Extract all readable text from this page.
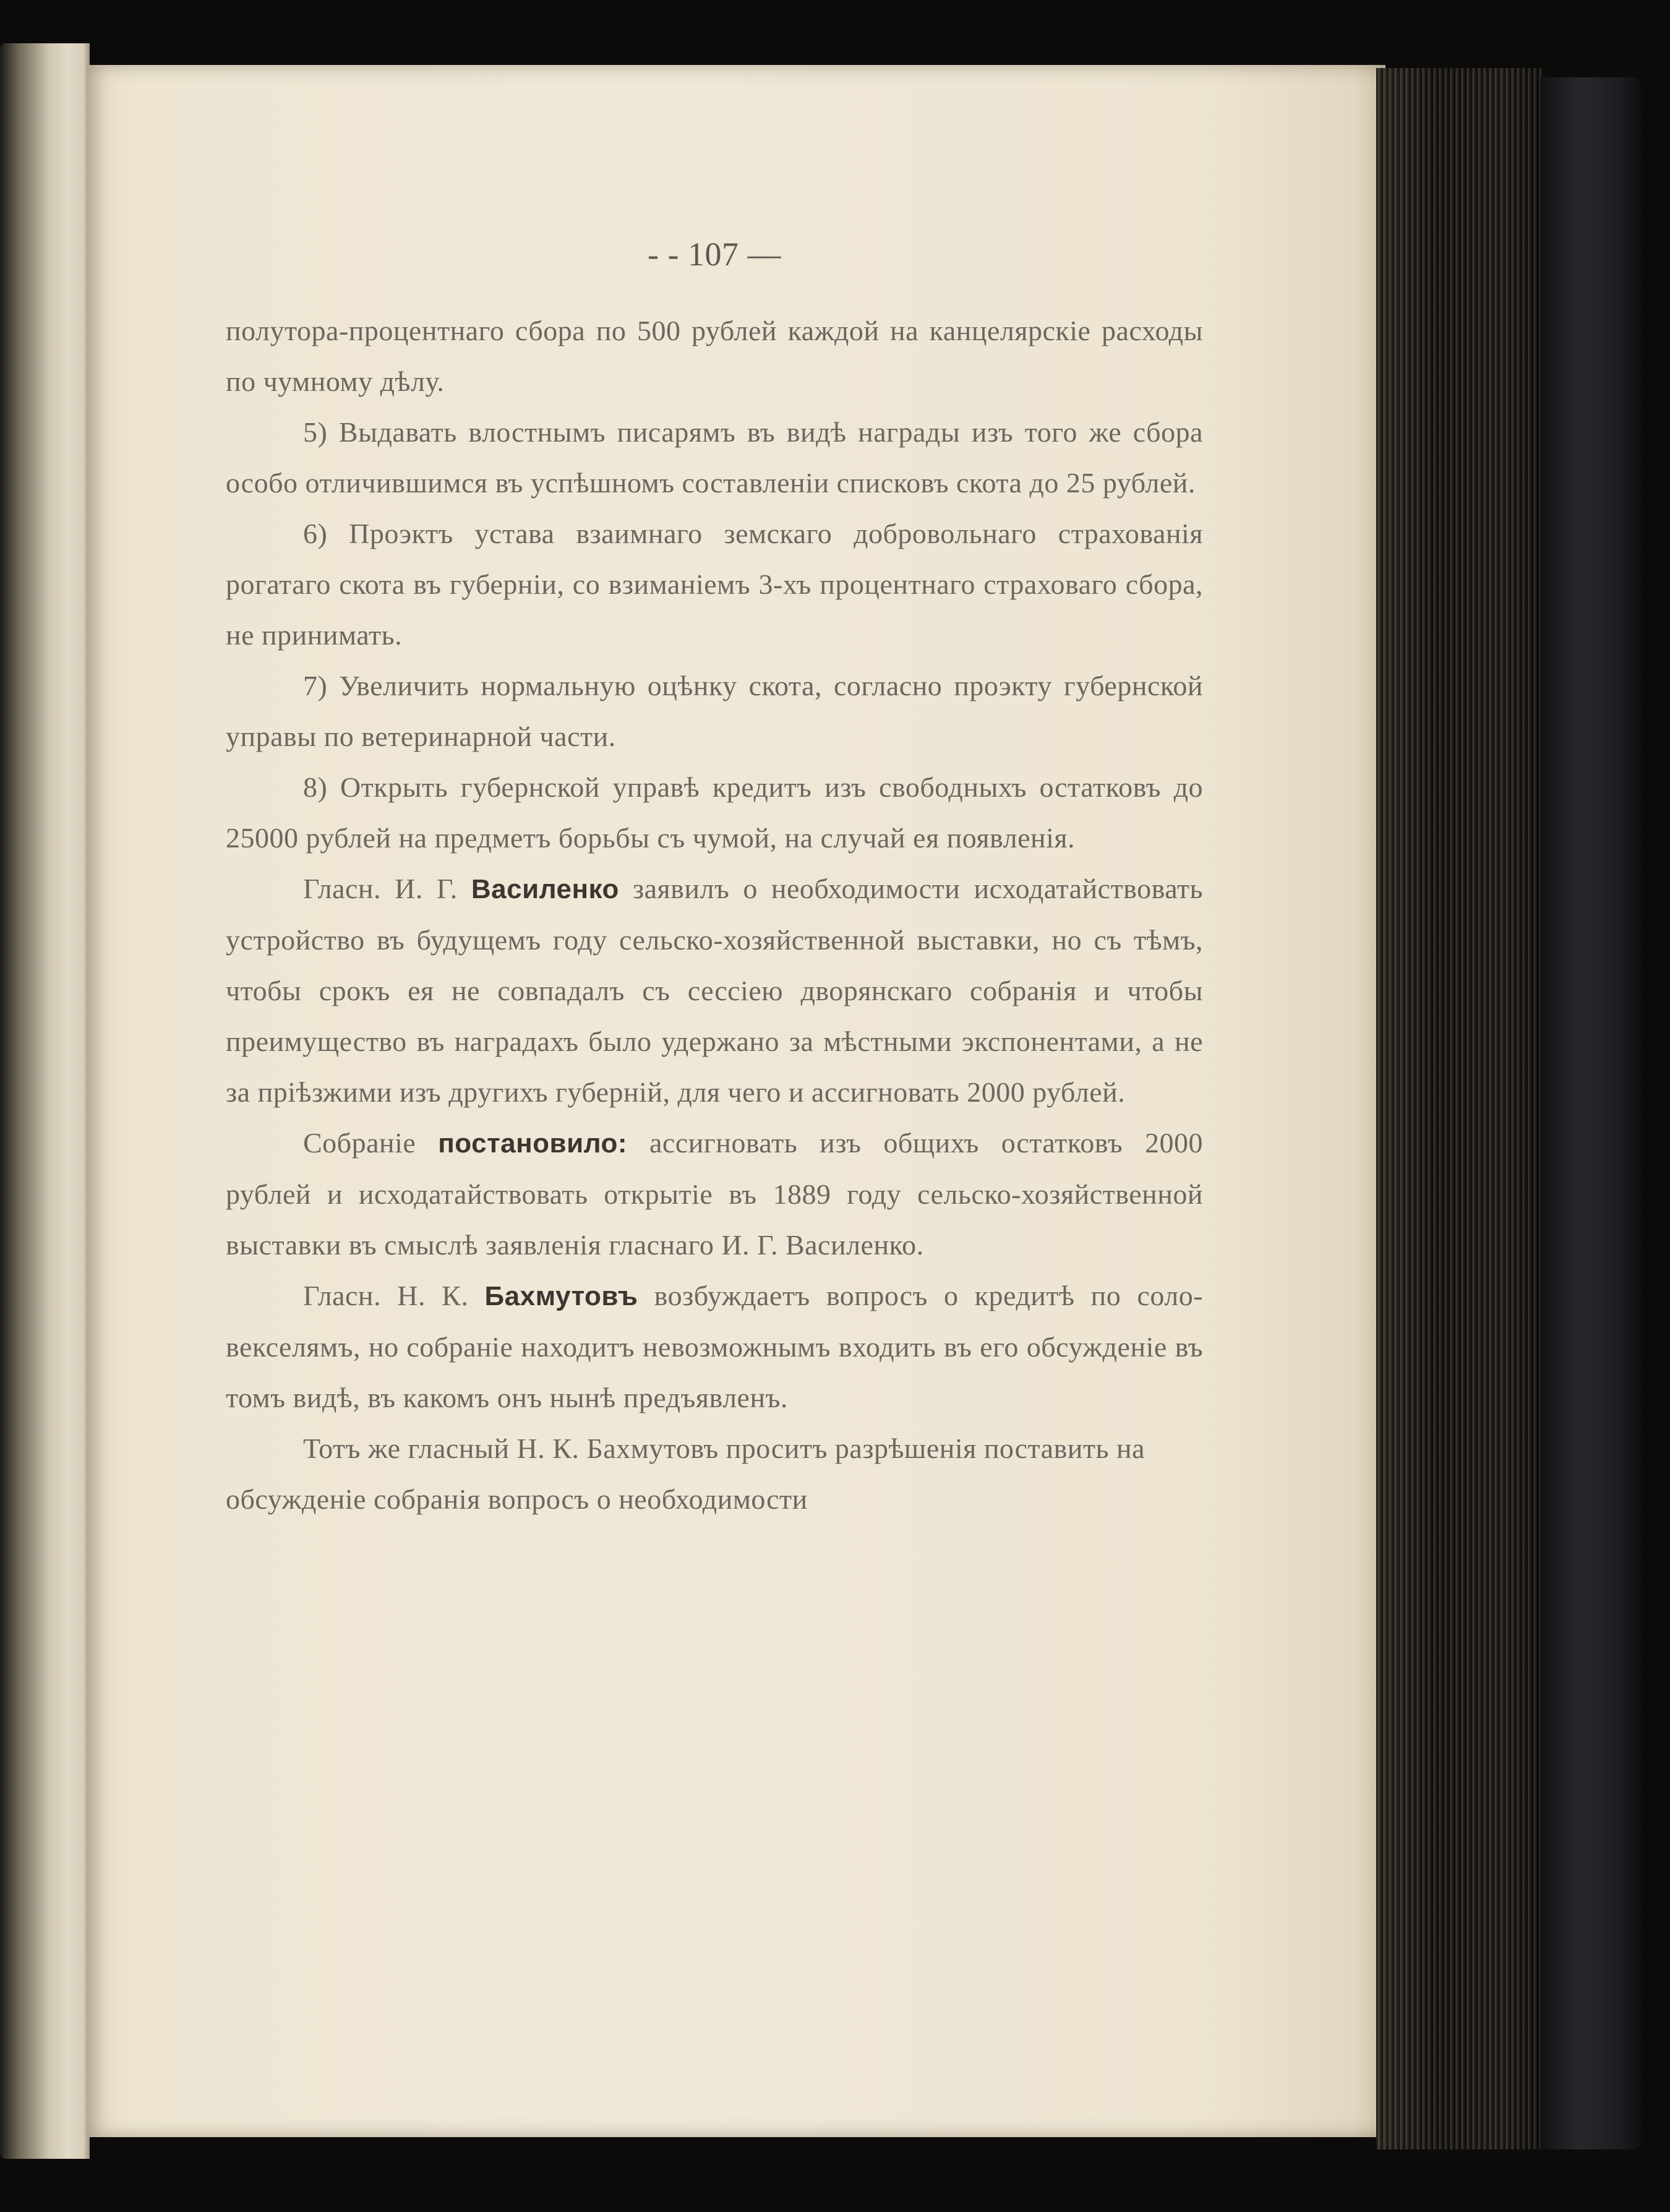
- - 107 —

полутора-процентнаго сбора по 500 рублей каждой на канцелярскіе расходы по чумному дѣлу.

5) Выдавать влостнымъ писарямъ въ видѣ награды изъ того же сбора особо отличившимся въ успѣшномъ составленіи списковъ скота до 25 рублей.

6) Проэктъ устава взаимнаго земскаго добровольнаго страхованія рогатаго скота въ губерніи, со взиманіемъ 3-хъ процентнаго страховаго сбора, не принимать.

7) Увеличить нормальную оцѣнку скота, согласно проэкту губернской управы по ветеринарной части.

8) Открыть губернской управѣ кредитъ изъ свободныхъ остатковъ до 25000 рублей на предметъ борьбы съ чумой, на случай ея появленія.

Гласн. И. Г. Василенко заявилъ о необходимости исходатайствовать устройство въ будущемъ году сельско-хозяйственной выставки, но съ тѣмъ, чтобы срокъ ея не совпадалъ съ сессіею дворянскаго собранія и чтобы преимущество въ наградахъ было удержано за мѣстными экспонентами, а не за пріѣзжими изъ другихъ губерній, для чего и ассигновать 2000 рублей.

Собраніе постановило: ассигновать изъ общихъ остатковъ 2000 рублей и исходатайствовать открытіе въ 1889 году сельско-хозяйственной выставки въ смыслѣ заявленія гласнаго И. Г. Василенко.

Гласн. Н. К. Бахмутовъ возбуждаетъ вопросъ о кредитѣ по соло-векселямъ, но собраніе находитъ невозможнымъ входить въ его обсужденіе въ томъ видѣ, въ какомъ онъ нынѣ предъявленъ.

Тотъ же гласный Н. К. Бахмутовъ проситъ разрѣшенія поставить на обсужденіе собранія вопросъ о необходимости
